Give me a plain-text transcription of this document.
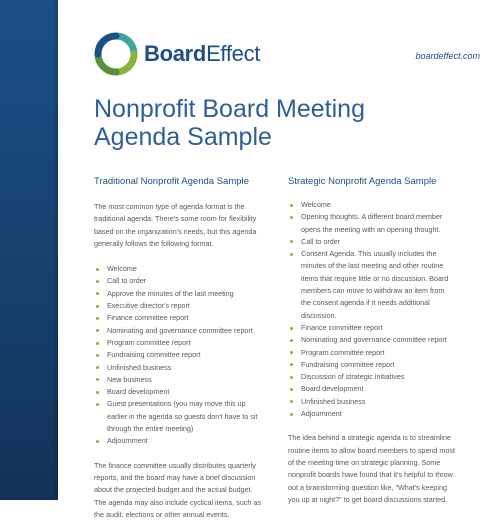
BoardEffect	boardeffect.com
Nonprofit Board Meeting
Agenda Sample
Traditional Nonprofit Agenda Sample

The most common type of agenda format is the traditional agenda. There's some room for flexibility based on the organization's needs, but this agenda generally follows the following format.

Welcome
Call to order
Approve the minutes of the last meeting
Executive director's report
Finance committee report
Nominating and governance committee report
Program committee report
Fundraising committee report
Unfinished business
New business
Board development
Guest presentations (you may move this up earlier in the agenda so guests don't have to sit through the entire meeting)
Adjournment

The finance committee usually distributes quarterly reports, and the board may have a brief discussion about the projected budget and the actual budget. The agenda may also include cyclical items, such as the audit, elections or other annual events.

Strategic Nonprofit Agenda Sample
Welcome
Opening thoughts. A different board member opens the meeting with an opening thought.
Call to order
Consent Agenda. This usually includes the minutes of the last meeting and other routine items that require little or no discussion. Board members can move to withdraw an item from the consent agenda if it needs additional discussion.
Finance committee report
Nominating and governance committee report
Program committee report
Fundraising committee report
Discussion of strategic initiatives
Board development
Unfinished business
Adjournment

The idea behind a strategic agenda is to streamline routine items to allow board members to spend most of the meeting time on strategic planning. Some nonprofit boards have found that it's helpful to throw out a brainstorming question like, "What's keeping you up at night?" to get board discussions started.
